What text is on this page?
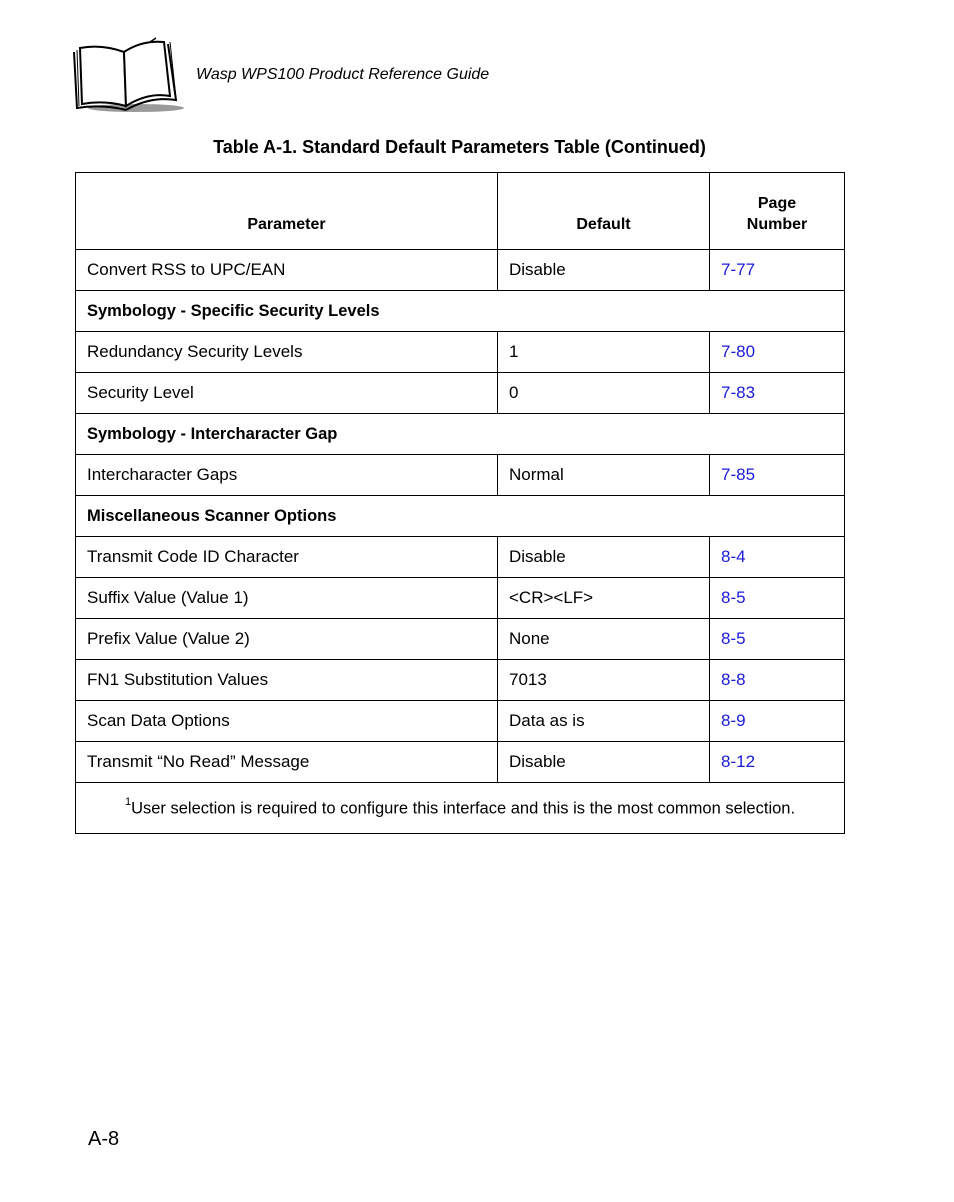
Wasp WPS100 Product Reference Guide
Table A-1. Standard Default Parameters Table (Continued)
Parameter	Default	Page
Number
Convert RSS to UPC/EAN	Disable	7-77
Symbology - Specific Security Levels		
Redundancy Security Levels	1	7-80
Security Level	0	7-83
Symbology - Intercharacter Gap		
Intercharacter Gaps	Normal	7-85
Miscellaneous Scanner Options		
Transmit Code ID Character	Disable	8-4
Suffix Value (Value 1)	<CR><LF>	8-5
Prefix Value (Value 2)	None	8-5
FN1 Substitution Values	7013	8-8
Scan Data Options	Data as is	8-9
Transmit “No Read” Message	Disable	8-12
$^1$User selection is required to configure this interface and this is the most common selection.		
A-8
